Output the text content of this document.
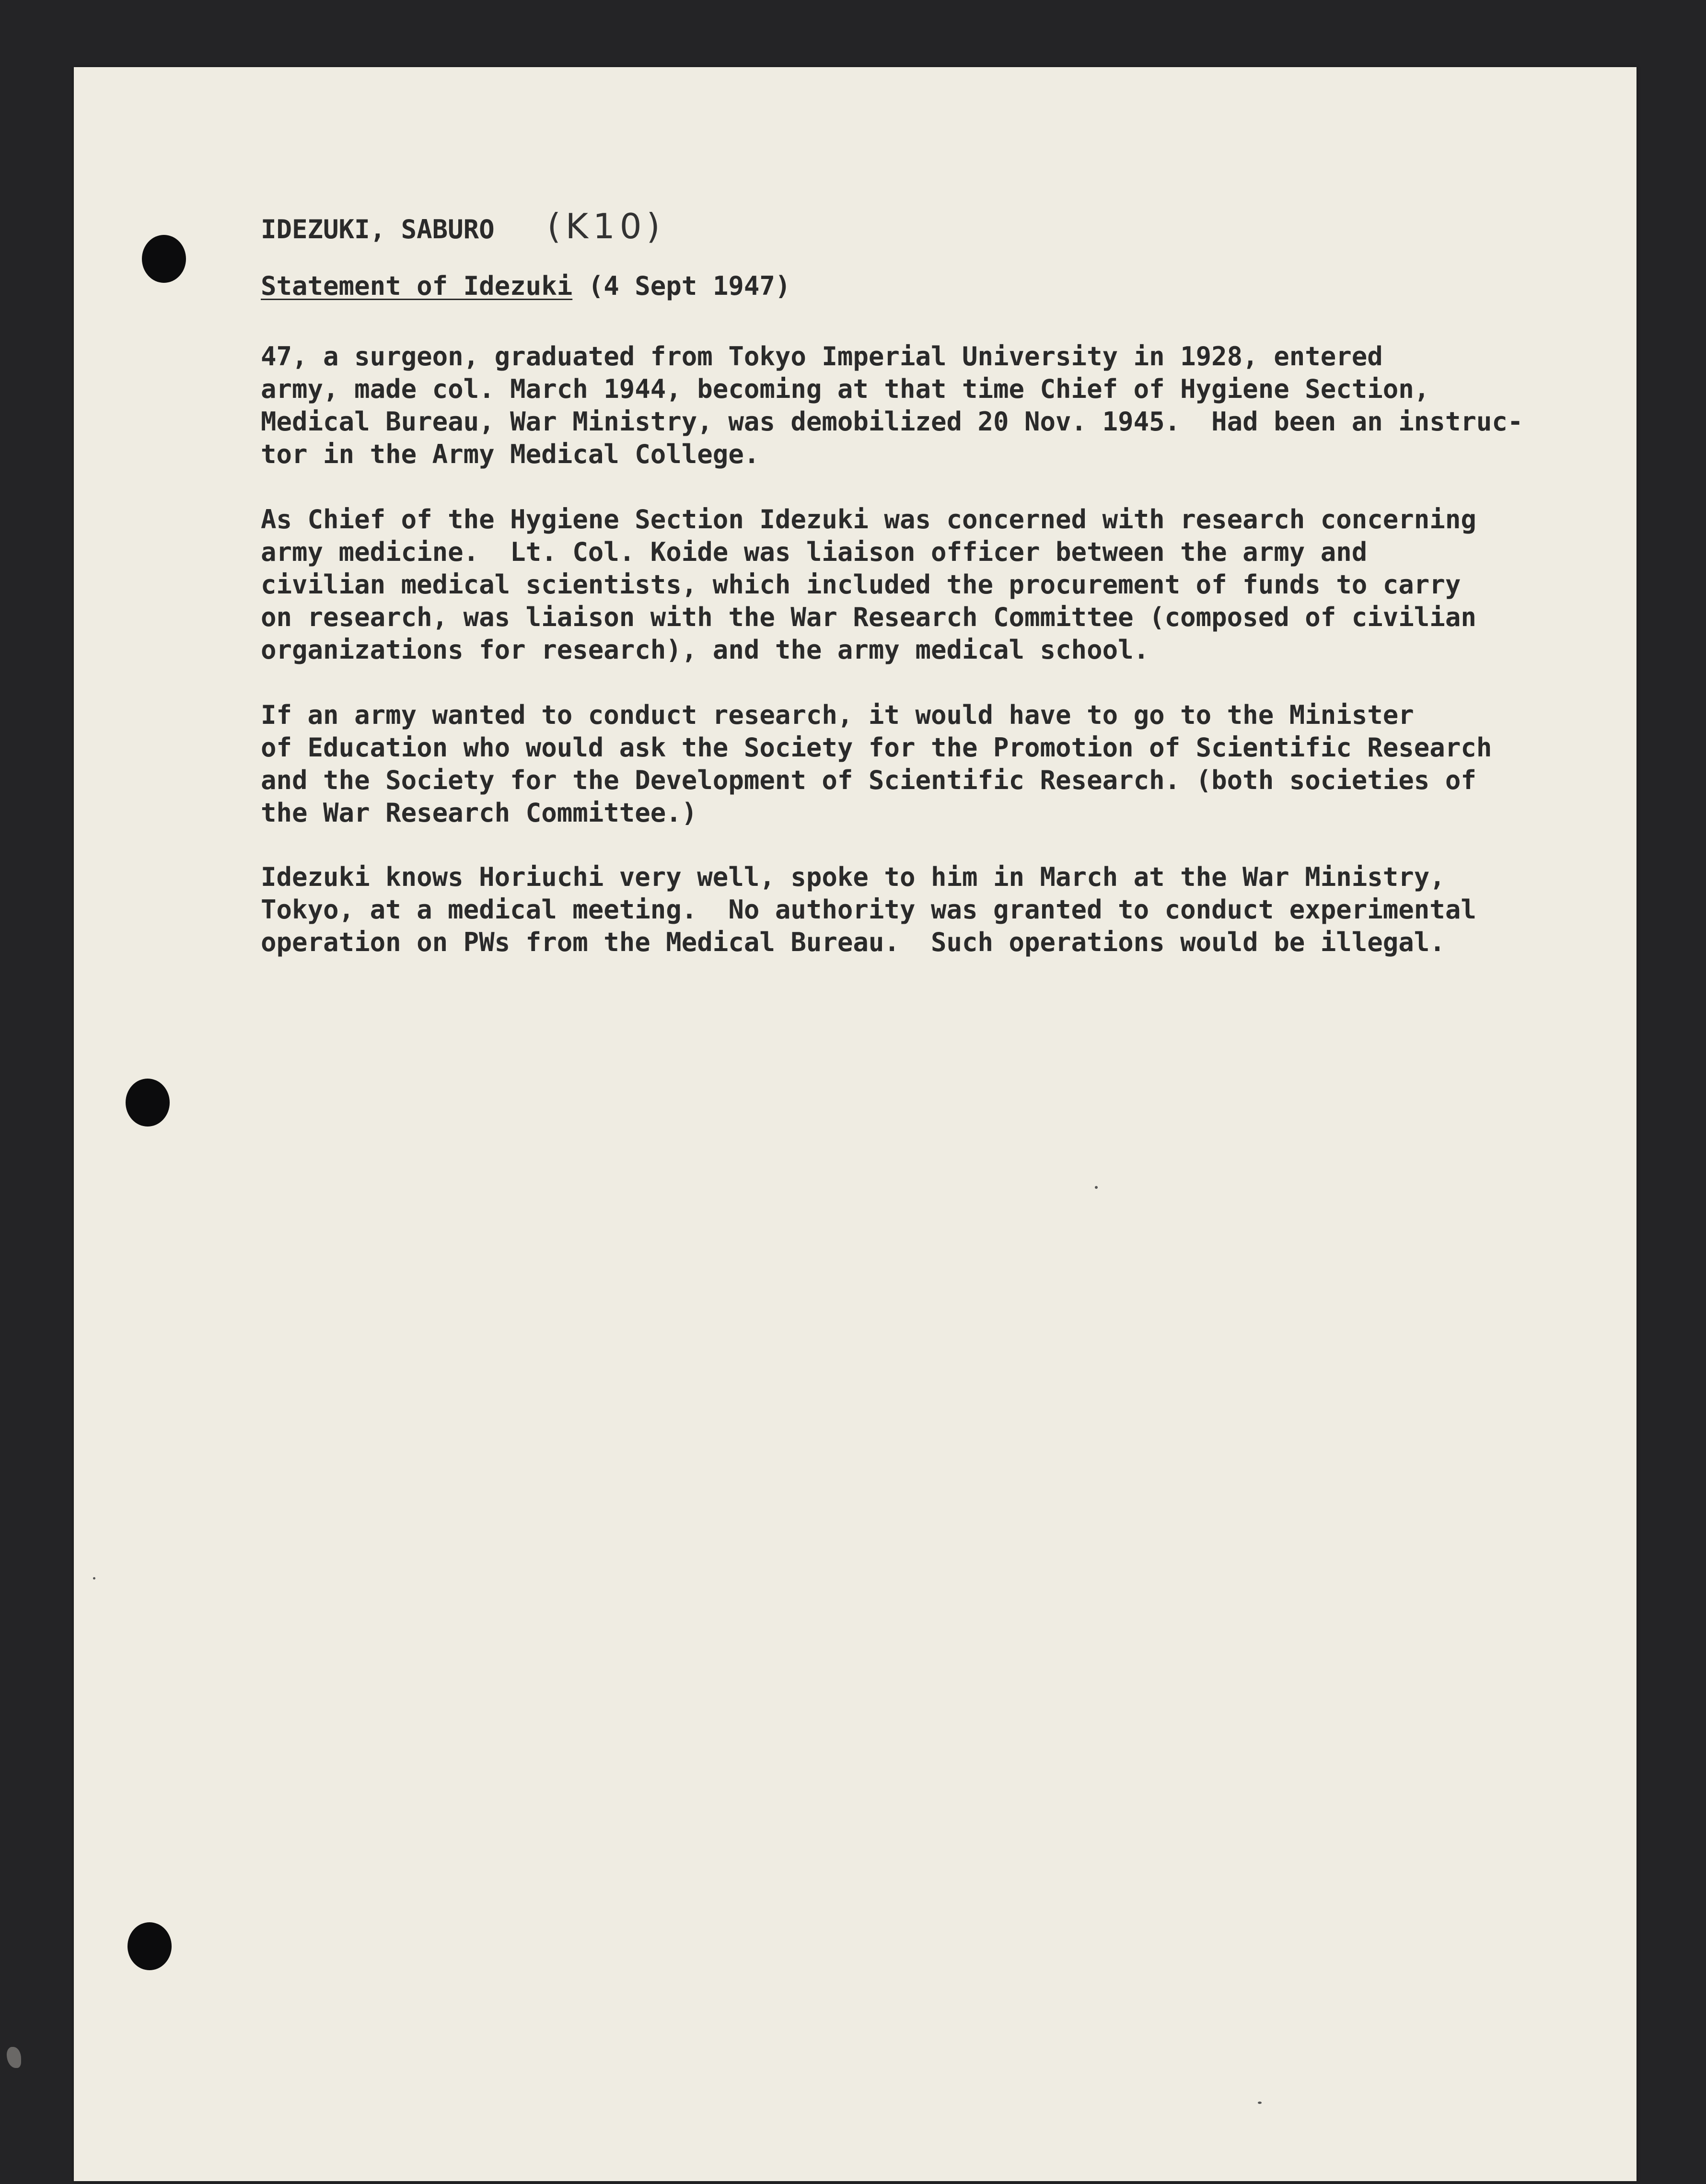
IDEZUKI, SABURO (K10)
Statement of Idezuki (4 Sept 1947)
47, a surgeon, graduated from Tokyo Imperial University in 1928, entered
army, made col. March 1944, becoming at that time Chief of Hygiene Section,
Medical Bureau, War Ministry, was demobilized 20 Nov. 1945.  Had been an instruc-
tor in the Army Medical College.
As Chief of the Hygiene Section Idezuki was concerned with research concerning
army medicine.  Lt. Col. Koide was liaison officer between the army and
civilian medical scientists, which included the procurement of funds to carry
on research, was liaison with the War Research Committee (composed of civilian
organizations for research), and the army medical school.
If an army wanted to conduct research, it would have to go to the Minister
of Education who would ask the Society for the Promotion of Scientific Research
and the Society for the Development of Scientific Research. (both societies of
the War Research Committee.)
Idezuki knows Horiuchi very well, spoke to him in March at the War Ministry,
Tokyo, at a medical meeting.  No authority was granted to conduct experimental
operation on PWs from the Medical Bureau.  Such operations would be illegal.
